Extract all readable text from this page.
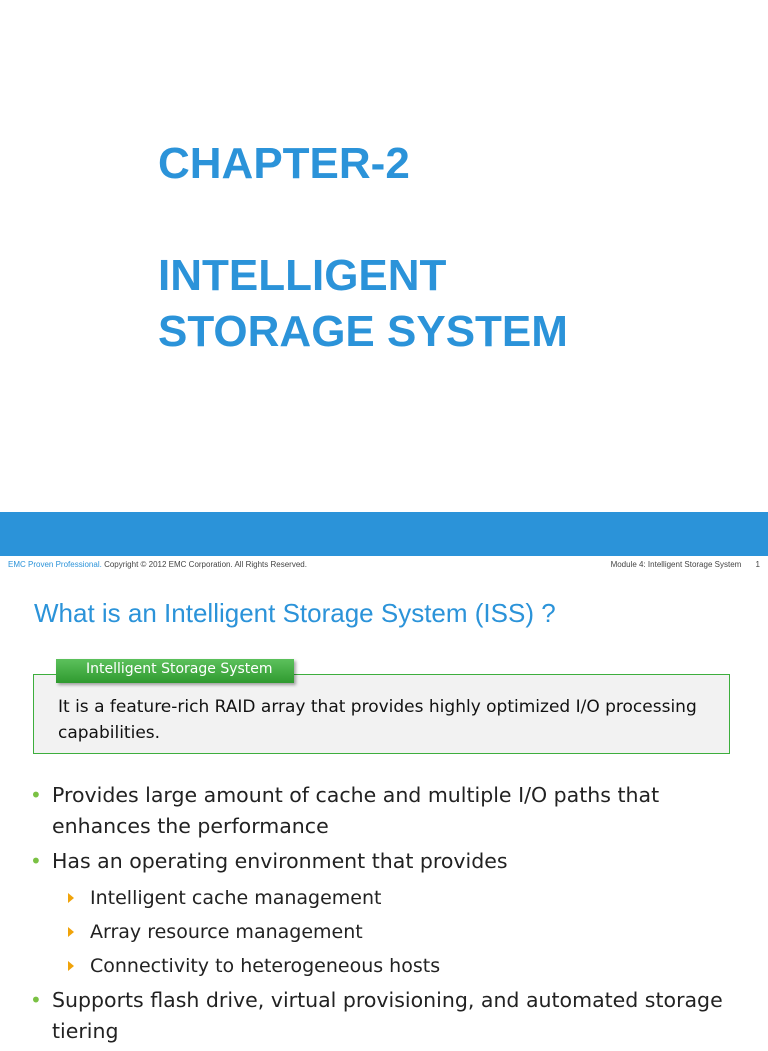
CHAPTER-2
INTELLIGENT
STORAGE SYSTEM
EMC Proven Professional. Copyright © 2012 EMC Corporation. All Rights Reserved.	Module 4: Intelligent Storage System 1
What is an Intelligent Storage System (ISS) ?
Intelligent Storage System
It is a feature-rich RAID array that provides highly optimized I/O processing capabilities.
• Provides large amount of cache and multiple I/O paths that enhances the performance
• Has an operating environment that provides
Intelligent cache management
Array resource management
Connectivity to heterogeneous hosts
• Supports flash drive, virtual provisioning, and automated storage tiering
